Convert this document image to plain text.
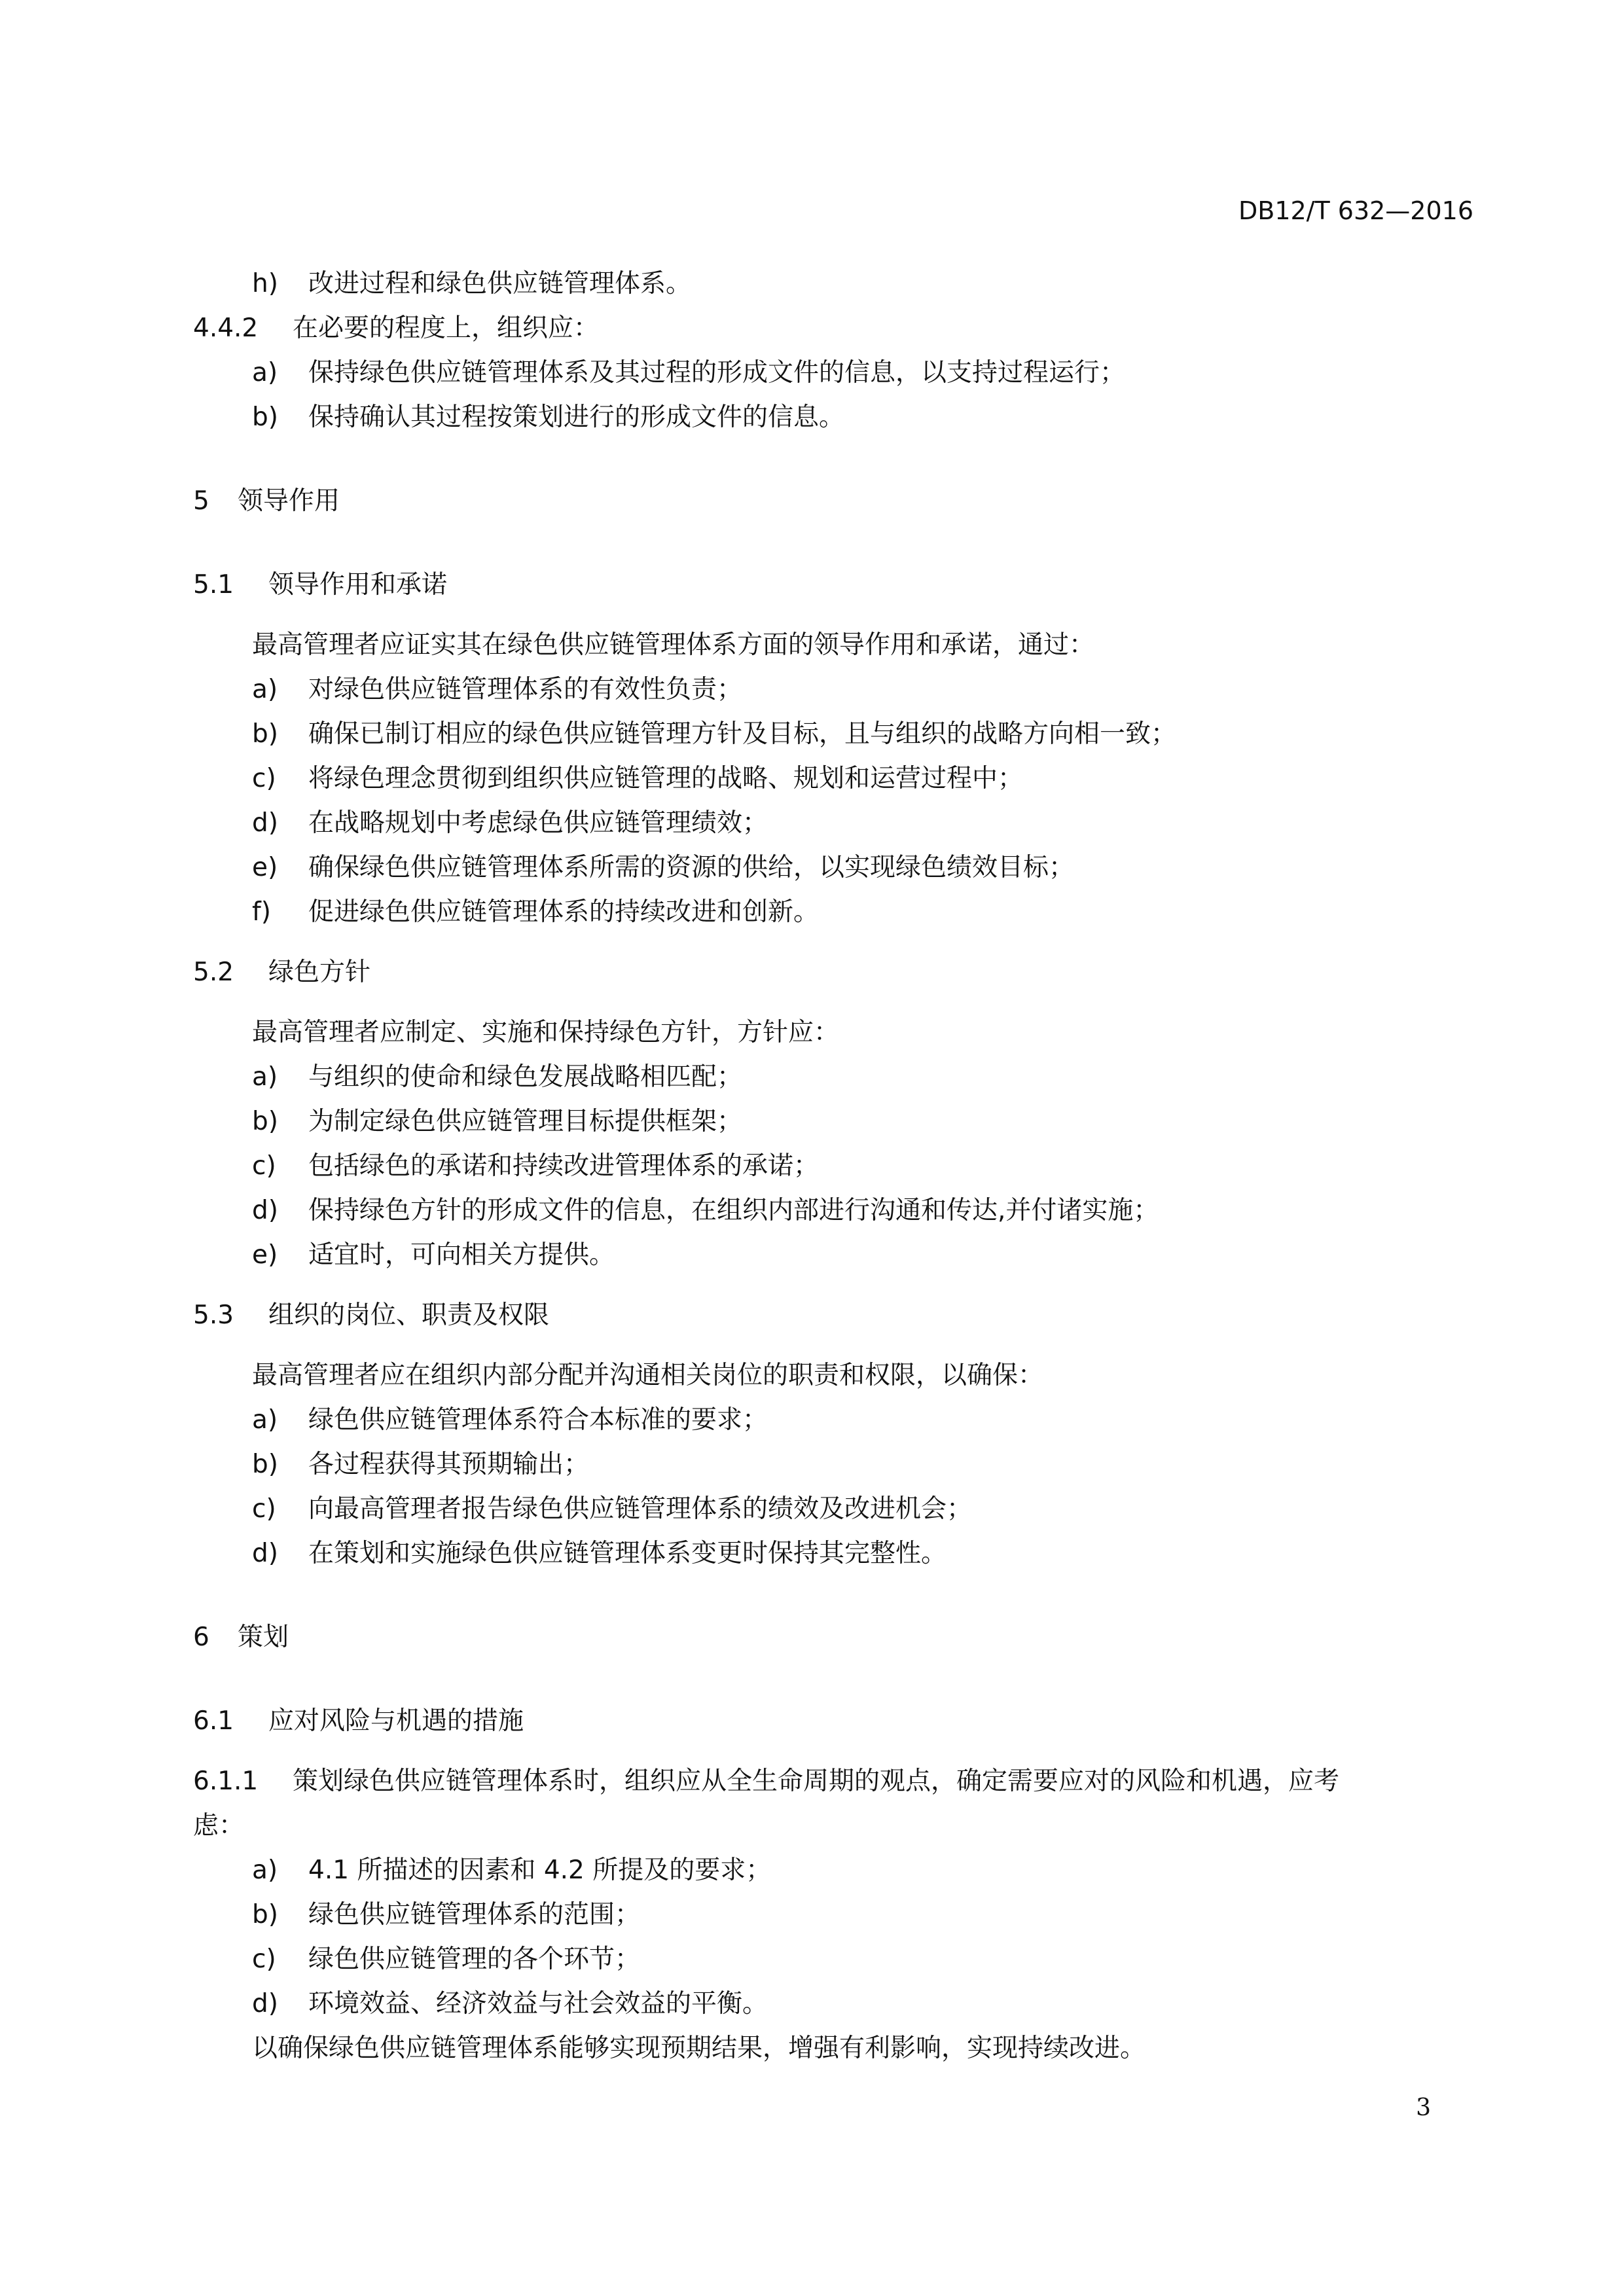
DB12/T 632—2016
h) 改进过程和绿色供应链管理体系。
4.4.2 在必要的程度上，组织应：
a) 保持绿色供应链管理体系及其过程的形成文件的信息，以支持过程运行；
b) 保持确认其过程按策划进行的形成文件的信息。
5 领导作用
5.1 领导作用和承诺
最高管理者应证实其在绿色供应链管理体系方面的领导作用和承诺，通过：
a) 对绿色供应链管理体系的有效性负责；
b) 确保已制订相应的绿色供应链管理方针及目标，且与组织的战略方向相一致；
c) 将绿色理念贯彻到组织供应链管理的战略、规划和运营过程中；
d) 在战略规划中考虑绿色供应链管理绩效；
e) 确保绿色供应链管理体系所需的资源的供给，以实现绿色绩效目标；
f) 促进绿色供应链管理体系的持续改进和创新。
5.2 绿色方针
最高管理者应制定、实施和保持绿色方针，方针应：
a) 与组织的使命和绿色发展战略相匹配；
b) 为制定绿色供应链管理目标提供框架；
c) 包括绿色的承诺和持续改进管理体系的承诺；
d) 保持绿色方针的形成文件的信息，在组织内部进行沟通和传达,并付诸实施；
e) 适宜时，可向相关方提供。
5.3 组织的岗位、职责及权限
最高管理者应在组织内部分配并沟通相关岗位的职责和权限，以确保：
a) 绿色供应链管理体系符合本标准的要求；
b) 各过程获得其预期输出；
c) 向最高管理者报告绿色供应链管理体系的绩效及改进机会；
d) 在策划和实施绿色供应链管理体系变更时保持其完整性。
6 策划
6.1 应对风险与机遇的措施
6.1.1 策划绿色供应链管理体系时，组织应从全生命周期的观点，确定需要应对的风险和机遇，应考
虑：
a) 4.1 所描述的因素和 4.2 所提及的要求；
b) 绿色供应链管理体系的范围；
c) 绿色供应链管理的各个环节；
d) 环境效益、经济效益与社会效益的平衡。
以确保绿色供应链管理体系能够实现预期结果，增强有利影响，实现持续改进。
3
